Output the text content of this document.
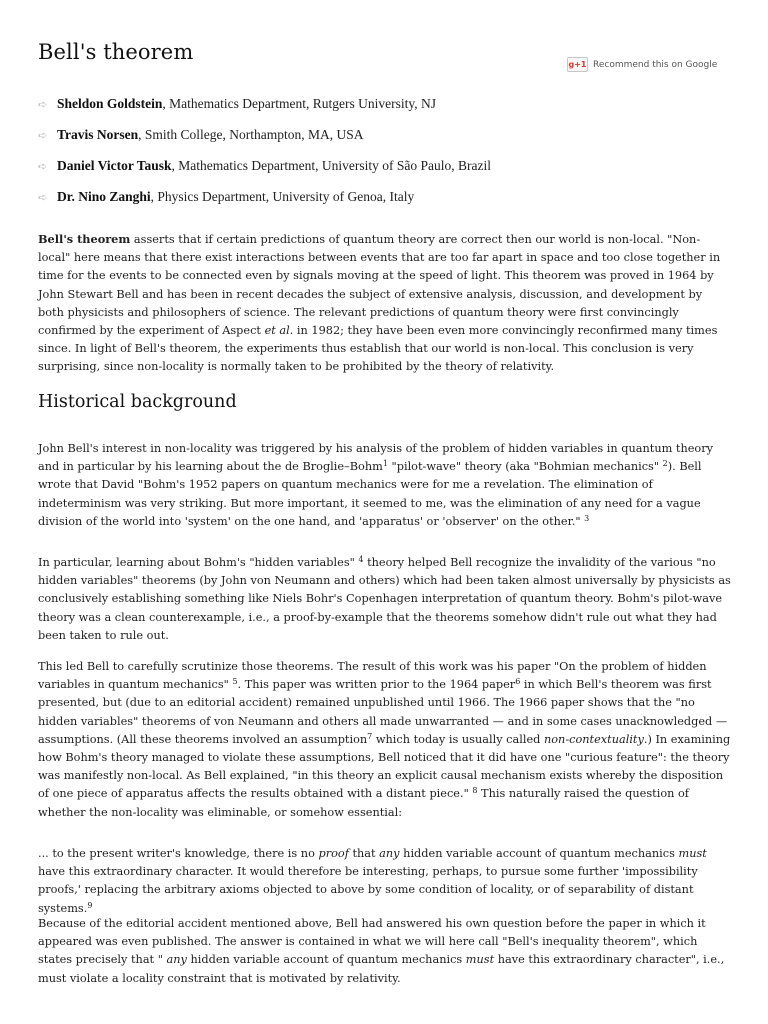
Bell's theorem
g+1 Recommend this on Google
➪ Sheldon Goldstein, Mathematics Department, Rutgers University, NJ
➪ Travis Norsen, Smith College, Northampton, MA, USA
➪ Daniel Victor Tausk, Mathematics Department, University of São Paulo, Brazil
➪ Dr. Nino Zanghi, Physics Department, University of Genoa, Italy

Bell's theorem asserts that if certain predictions of quantum theory are correct then our world is non-local. "Non-local" here means that there exist interactions between events that are too far apart in space and too close together in time for the events to be connected even by signals moving at the speed of light. This theorem was proved in 1964 by John Stewart Bell and has been in recent decades the subject of extensive analysis, discussion, and development by both physicists and philosophers of science. The relevant predictions of quantum theory were first convincingly confirmed by the experiment of Aspect et al. in 1982; they have been even more convincingly reconfirmed many times since. In light of Bell's theorem, the experiments thus establish that our world is non-local. This conclusion is very surprising, since non-locality is normally taken to be prohibited by the theory of relativity.

Historical background

John Bell's interest in non-locality was triggered by his analysis of the problem of hidden variables in quantum theory and in particular by his learning about the de Broglie–Bohm$^1$ "pilot-wave" theory (aka "Bohmian mechanics" $^2$). Bell wrote that David "Bohm's 1952 papers on quantum mechanics were for me a revelation. The elimination of indeterminism was very striking. But more important, it seemed to me, was the elimination of any need for a vague division of the world into 'system' on the one hand, and 'apparatus' or 'observer' on the other." $^3$

In particular, learning about Bohm's "hidden variables" $^4$ theory helped Bell recognize the invalidity of the various "no hidden variables" theorems (by John von Neumann and others) which had been taken almost universally by physicists as conclusively establishing something like Niels Bohr's Copenhagen interpretation of quantum theory. Bohm's pilot-wave theory was a clean counterexample, i.e., a proof-by-example that the theorems somehow didn't rule out what they had been taken to rule out.

This led Bell to carefully scrutinize those theorems. The result of this work was his paper "On the problem of hidden variables in quantum mechanics" $^5$. This paper was written prior to the 1964 paper$^6$ in which Bell's theorem was first presented, but (due to an editorial accident) remained unpublished until 1966. The 1966 paper shows that the "no hidden variables" theorems of von Neumann and others all made unwarranted — and in some cases unacknowledged — assumptions. (All these theorems involved an assumption$^7$ which today is usually called non-contextuality.) In examining how Bohm's theory managed to violate these assumptions, Bell noticed that it did have one "curious feature": the theory was manifestly non-local. As Bell explained, "in this theory an explicit causal mechanism exists whereby the disposition of one piece of apparatus affects the results obtained with a distant piece." $^8$ This naturally raised the question of whether the non-locality was eliminable, or somehow essential:

... to the present writer's knowledge, there is no proof that any hidden variable account of quantum mechanics must have this extraordinary character. It would therefore be interesting, perhaps, to pursue some further 'impossibility proofs,' replacing the arbitrary axioms objected to above by some condition of locality, or of separability of distant systems.$^9$

Because of the editorial accident mentioned above, Bell had answered his own question before the paper in which it appeared was even published. The answer is contained in what we will here call "Bell's inequality theorem", which states precisely that " any hidden variable account of quantum mechanics must have this extraordinary character", i.e., must violate a locality constraint that is motivated by relativity.
